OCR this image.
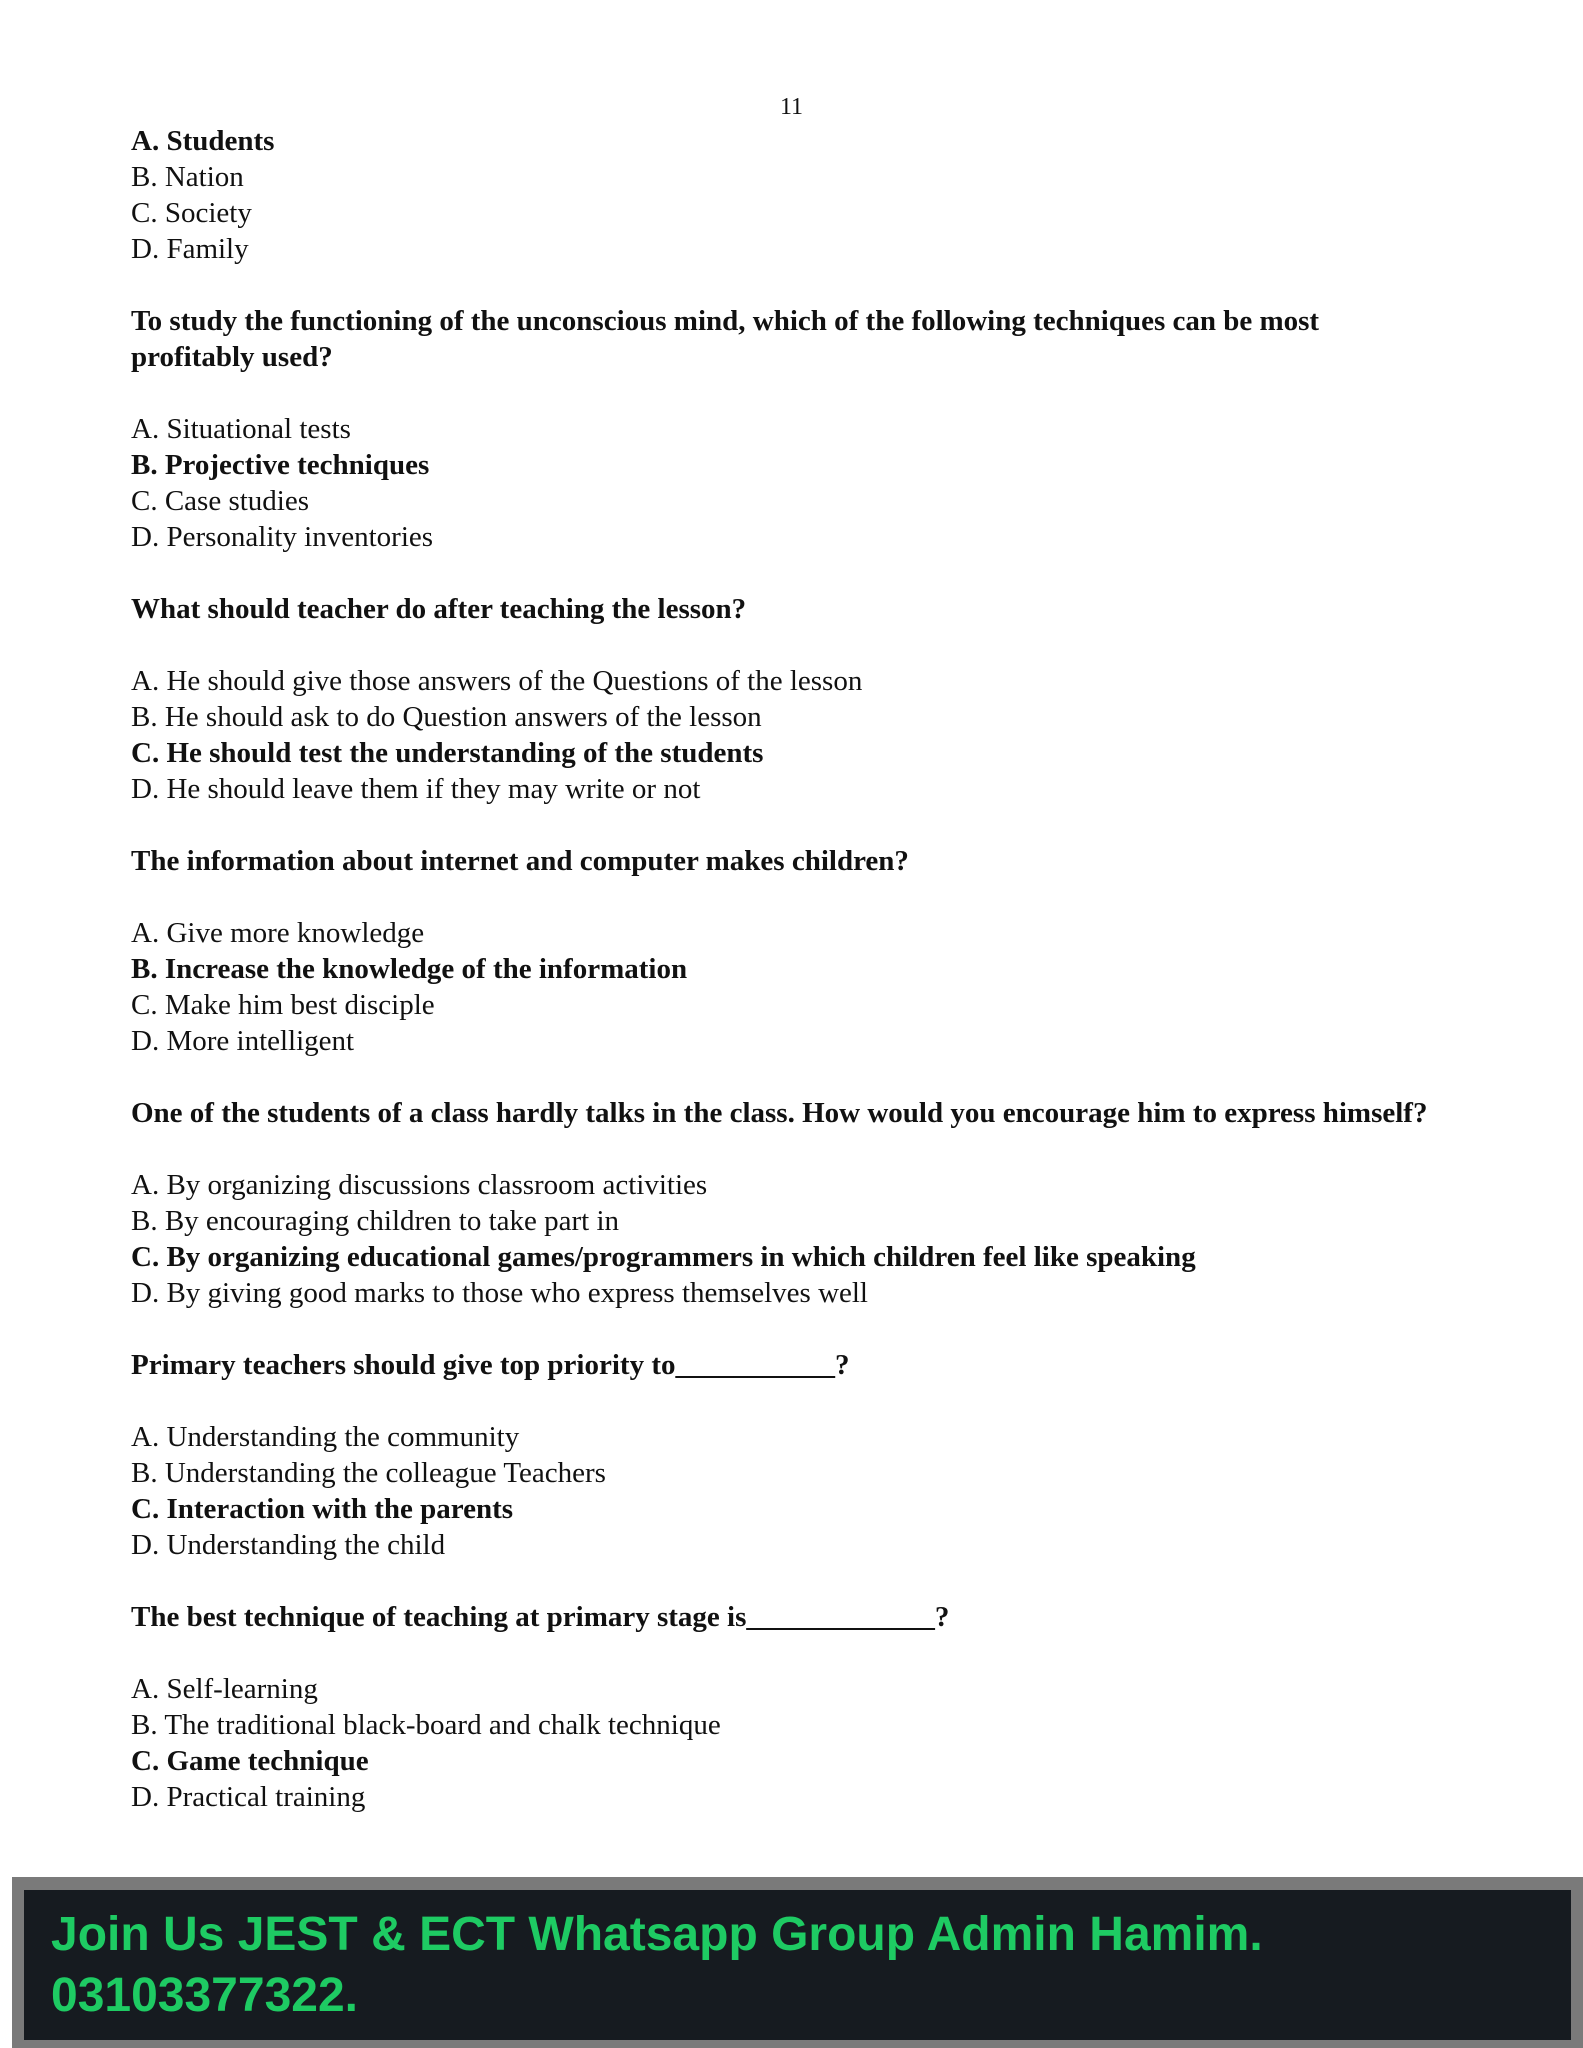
11
A. Students
B. Nation
C. Society
D. Family
To study the functioning of the unconscious mind, which of the following techniques can be most profitably used?
A. Situational tests
B. Projective techniques
C. Case studies
D. Personality inventories
What should teacher do after teaching the lesson?
A. He should give those answers of the Questions of the lesson
B. He should ask to do Question answers of the lesson
C. He should test the understanding of the students
D. He should leave them if they may write or not
The information about internet and computer makes children?
A. Give more knowledge
B. Increase the knowledge of the information
C. Make him best disciple
D. More intelligent
One of the students of a class hardly talks in the class. How would you encourage him to express himself?
A. By organizing discussions classroom activities
B. By encouraging children to take part in
C. By organizing educational games/programmers in which children feel like speaking
D. By giving good marks to those who express themselves well
Primary teachers should give top priority to___________?
A. Understanding the community
B. Understanding the colleague Teachers
C. Interaction with the parents
D. Understanding the child
The best technique of teaching at primary stage is_____________?
A. Self-learning
B. The traditional black-board and chalk technique
C. Game technique
D. Practical training
Join Us JEST & ECT Whatsapp Group Admin Hamim.
03103377322.
